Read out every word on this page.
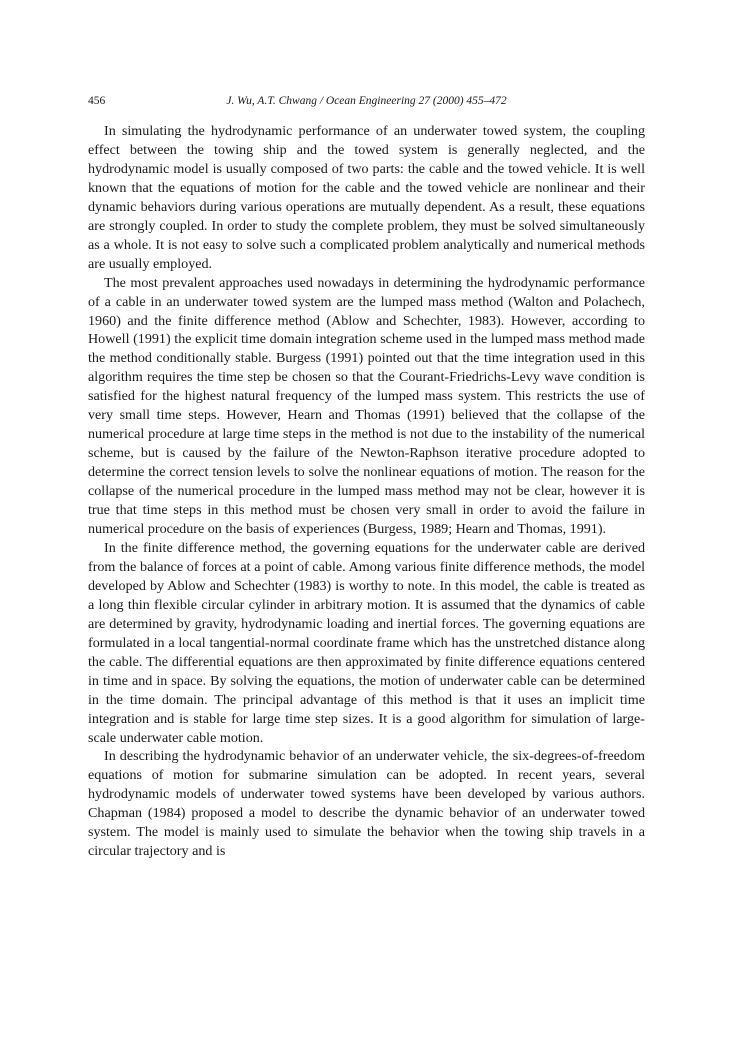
456	J. Wu, A.T. Chwang / Ocean Engineering 27 (2000) 455–472

In simulating the hydrodynamic performance of an underwater towed system, the coupling effect between the towing ship and the towed system is generally neglected, and the hydrodynamic model is usually composed of two parts: the cable and the towed vehicle. It is well known that the equations of motion for the cable and the towed vehicle are nonlinear and their dynamic behaviors during various operations are mutually dependent. As a result, these equations are strongly coupled. In order to study the complete problem, they must be solved simultaneously as a whole. It is not easy to solve such a complicated problem analytically and numerical methods are usually employed.

The most prevalent approaches used nowadays in determining the hydrodynamic performance of a cable in an underwater towed system are the lumped mass method (Walton and Polachech, 1960) and the finite difference method (Ablow and Schechter, 1983). However, according to Howell (1991) the explicit time domain integration scheme used in the lumped mass method made the method conditionally stable. Burgess (1991) pointed out that the time integration used in this algorithm requires the time step be chosen so that the Courant-Friedrichs-Levy wave condition is satisfied for the highest natural frequency of the lumped mass system. This restricts the use of very small time steps. However, Hearn and Thomas (1991) believed that the collapse of the numerical procedure at large time steps in the method is not due to the instability of the numerical scheme, but is caused by the failure of the Newton-Raphson iterative procedure adopted to determine the correct tension levels to solve the nonlinear equations of motion. The reason for the collapse of the numerical procedure in the lumped mass method may not be clear, however it is true that time steps in this method must be chosen very small in order to avoid the failure in numerical procedure on the basis of experiences (Burgess, 1989; Hearn and Thomas, 1991).

In the finite difference method, the governing equations for the underwater cable are derived from the balance of forces at a point of cable. Among various finite difference methods, the model developed by Ablow and Schechter (1983) is worthy to note. In this model, the cable is treated as a long thin flexible circular cylinder in arbitrary motion. It is assumed that the dynamics of cable are determined by gravity, hydrodynamic loading and inertial forces. The governing equations are formulated in a local tangential-normal coordinate frame which has the unstretched distance along the cable. The differential equations are then approximated by finite difference equations centered in time and in space. By solving the equations, the motion of underwater cable can be determined in the time domain. The principal advantage of this method is that it uses an implicit time integration and is stable for large time step sizes. It is a good algorithm for simulation of large-scale underwater cable motion.

In describing the hydrodynamic behavior of an underwater vehicle, the six-degrees-of-freedom equations of motion for submarine simulation can be adopted. In recent years, several hydrodynamic models of underwater towed systems have been developed by various authors. Chapman (1984) proposed a model to describe the dynamic behavior of an underwater towed system. The model is mainly used to simulate the behavior when the towing ship travels in a circular trajectory and is
